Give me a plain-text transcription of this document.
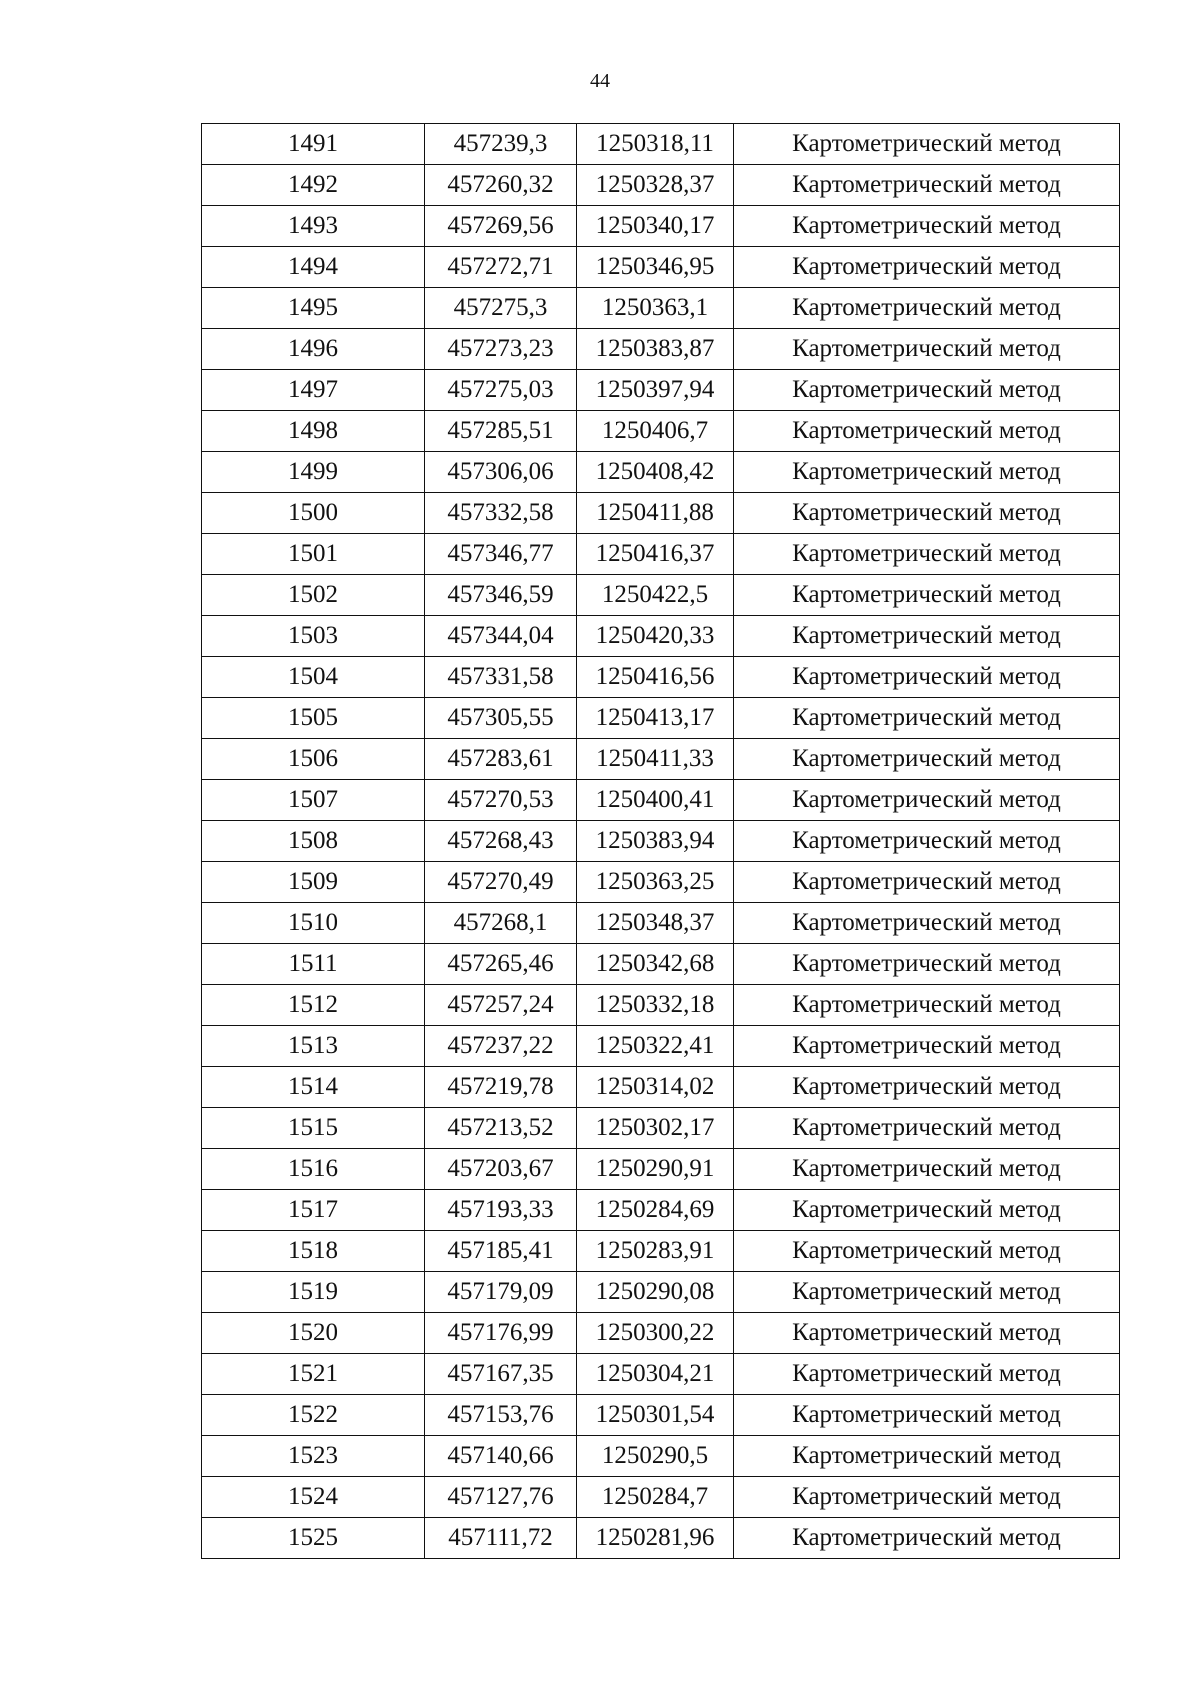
44
1491	457239,3	1250318,11	Картометрический метод
1492	457260,32	1250328,37	Картометрический метод
1493	457269,56	1250340,17	Картометрический метод
1494	457272,71	1250346,95	Картометрический метод
1495	457275,3	1250363,1	Картометрический метод
1496	457273,23	1250383,87	Картометрический метод
1497	457275,03	1250397,94	Картометрический метод
1498	457285,51	1250406,7	Картометрический метод
1499	457306,06	1250408,42	Картометрический метод
1500	457332,58	1250411,88	Картометрический метод
1501	457346,77	1250416,37	Картометрический метод
1502	457346,59	1250422,5	Картометрический метод
1503	457344,04	1250420,33	Картометрический метод
1504	457331,58	1250416,56	Картометрический метод
1505	457305,55	1250413,17	Картометрический метод
1506	457283,61	1250411,33	Картометрический метод
1507	457270,53	1250400,41	Картометрический метод
1508	457268,43	1250383,94	Картометрический метод
1509	457270,49	1250363,25	Картометрический метод
1510	457268,1	1250348,37	Картометрический метод
1511	457265,46	1250342,68	Картометрический метод
1512	457257,24	1250332,18	Картометрический метод
1513	457237,22	1250322,41	Картометрический метод
1514	457219,78	1250314,02	Картометрический метод
1515	457213,52	1250302,17	Картометрический метод
1516	457203,67	1250290,91	Картометрический метод
1517	457193,33	1250284,69	Картометрический метод
1518	457185,41	1250283,91	Картометрический метод
1519	457179,09	1250290,08	Картометрический метод
1520	457176,99	1250300,22	Картометрический метод
1521	457167,35	1250304,21	Картометрический метод
1522	457153,76	1250301,54	Картометрический метод
1523	457140,66	1250290,5	Картометрический метод
1524	457127,76	1250284,7	Картометрический метод
1525	457111,72	1250281,96	Картометрический метод
